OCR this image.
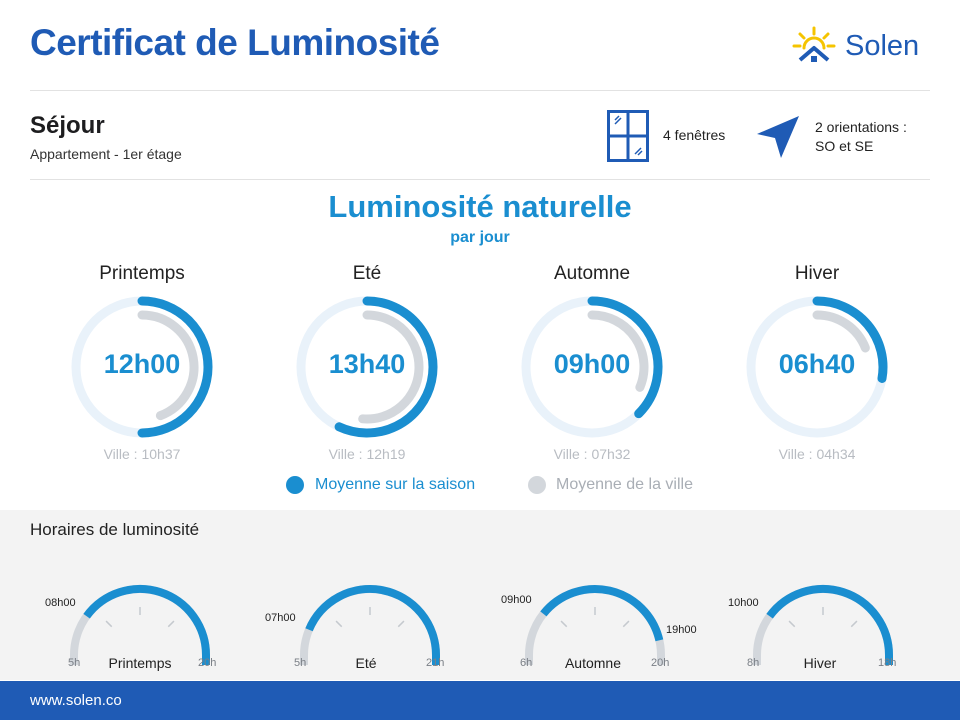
Certificat de Luminosité	Solen
Séjour
Appartement - 1er étage
4 fenêtres	2 orientations :
SO et SE
Luminosité naturelle
par jour
Printemps	Eté	Automne	Hiver
12h00	13h40	09h00	06h40
Ville : 10h37	Ville : 12h19	Ville : 07h32	Ville : 04h34
Moyenne sur la saison	Moyenne de la ville
Horaires de luminosité
Printemps	Eté	Automne	Hiver
08h00
07h00
09h00	10h00
19h00
5h	20h	5h	21h	6h	20h	8h	18h
www.solen.co
